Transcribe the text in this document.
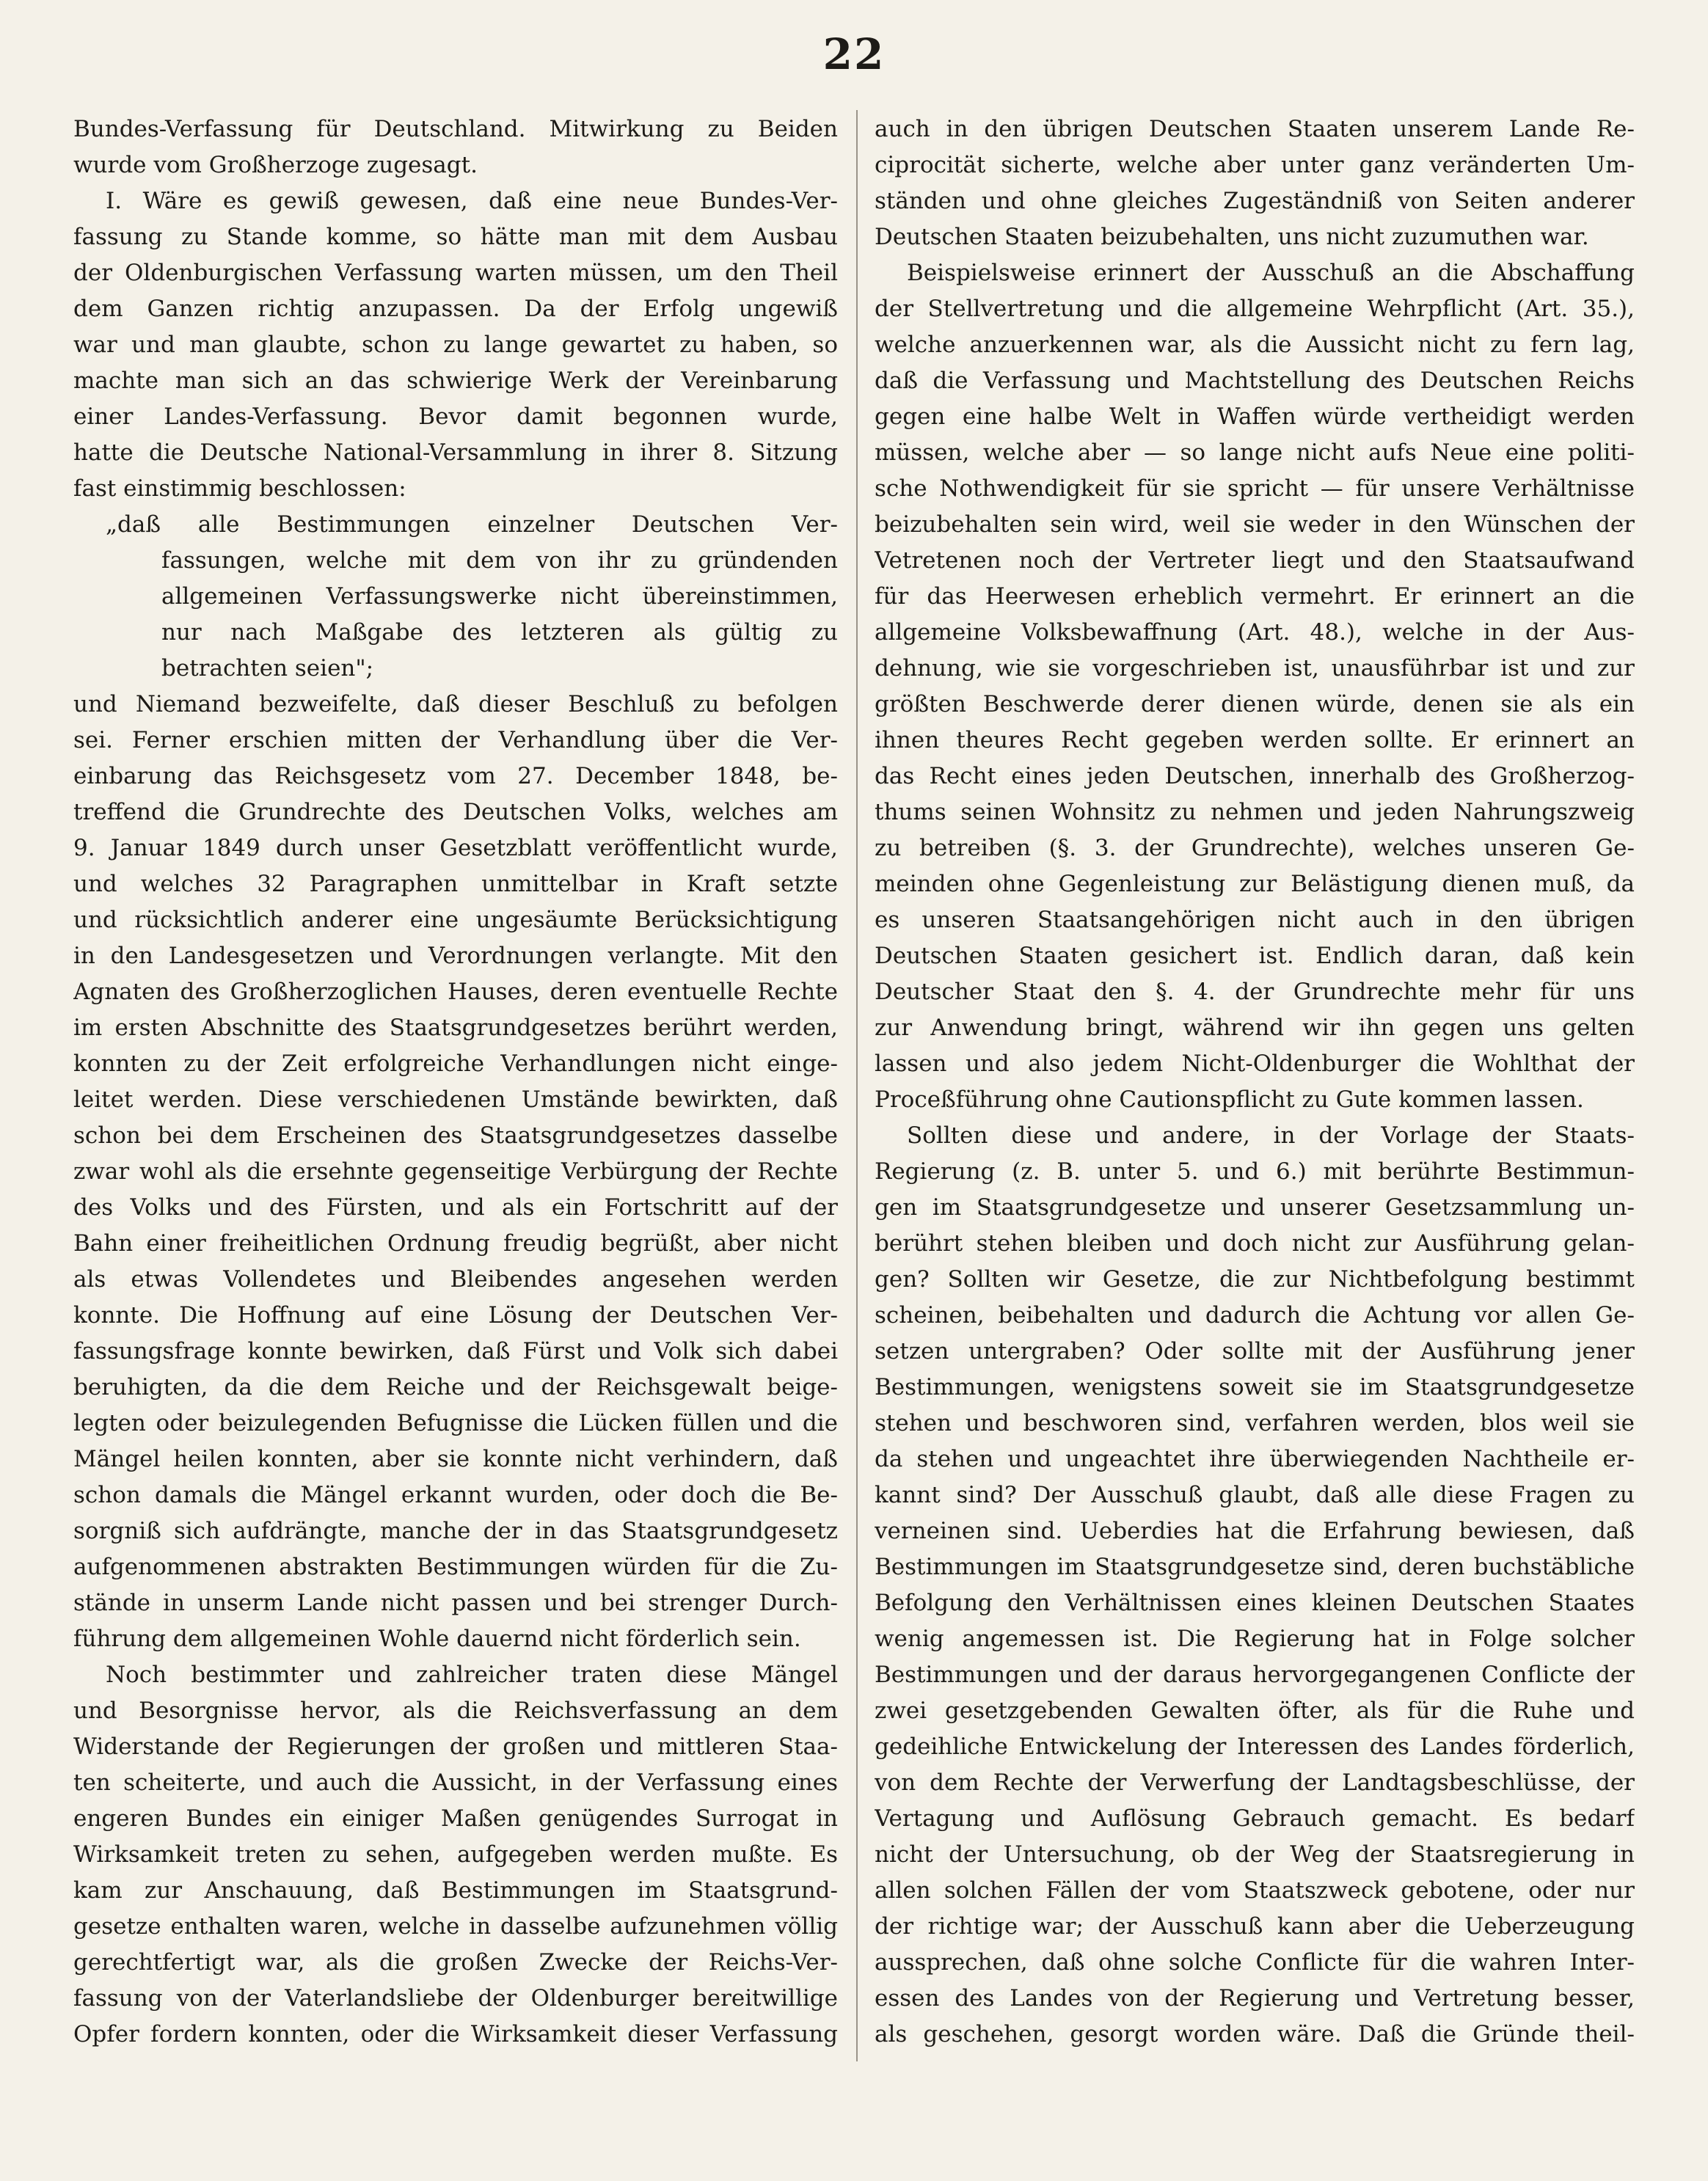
22
Bundes-Verfassung für Deutschland. Mitwirkung zu Beiden
wurde vom Großherzoge zugesagt.
I. Wäre es gewiß gewesen, daß eine neue Bundes-Ver-
fassung zu Stande komme, so hätte man mit dem Ausbau
der Oldenburgischen Verfassung warten müssen, um den Theil
dem Ganzen richtig anzupassen. Da der Erfolg ungewiß
war und man glaubte, schon zu lange gewartet zu haben, so
machte man sich an das schwierige Werk der Vereinbarung
einer Landes-Verfassung. Bevor damit begonnen wurde,
hatte die Deutsche National-Versammlung in ihrer 8. Sitzung
fast einstimmig beschlossen:
„daß alle Bestimmungen einzelner Deutschen Ver-
fassungen, welche mit dem von ihr zu gründenden
allgemeinen Verfassungswerke nicht übereinstimmen,
nur nach Maßgabe des letzteren als gültig zu
betrachten seien";
und Niemand bezweifelte, daß dieser Beschluß zu befolgen
sei. Ferner erschien mitten der Verhandlung über die Ver-
einbarung das Reichsgesetz vom 27. December 1848, be-
treffend die Grundrechte des Deutschen Volks, welches am
9. Januar 1849 durch unser Gesetzblatt veröffentlicht wurde,
und welches 32 Paragraphen unmittelbar in Kraft setzte
und rücksichtlich anderer eine ungesäumte Berücksichtigung
in den Landesgesetzen und Verordnungen verlangte. Mit den
Agnaten des Großherzoglichen Hauses, deren eventuelle Rechte
im ersten Abschnitte des Staatsgrundgesetzes berührt werden,
konnten zu der Zeit erfolgreiche Verhandlungen nicht einge-
leitet werden. Diese verschiedenen Umstände bewirkten, daß
schon bei dem Erscheinen des Staatsgrundgesetzes dasselbe
zwar wohl als die ersehnte gegenseitige Verbürgung der Rechte
des Volks und des Fürsten, und als ein Fortschritt auf der
Bahn einer freiheitlichen Ordnung freudig begrüßt, aber nicht
als etwas Vollendetes und Bleibendes angesehen werden
konnte. Die Hoffnung auf eine Lösung der Deutschen Ver-
fassungsfrage konnte bewirken, daß Fürst und Volk sich dabei
beruhigten, da die dem Reiche und der Reichsgewalt beige-
legten oder beizulegenden Befugnisse die Lücken füllen und die
Mängel heilen konnten, aber sie konnte nicht verhindern, daß
schon damals die Mängel erkannt wurden, oder doch die Be-
sorgniß sich aufdrängte, manche der in das Staatsgrundgesetz
aufgenommenen abstrakten Bestimmungen würden für die Zu-
stände in unserm Lande nicht passen und bei strenger Durch-
führung dem allgemeinen Wohle dauernd nicht förderlich sein.
Noch bestimmter und zahlreicher traten diese Mängel
und Besorgnisse hervor, als die Reichsverfassung an dem
Widerstande der Regierungen der großen und mittleren Staa-
ten scheiterte, und auch die Aussicht, in der Verfassung eines
engeren Bundes ein einiger Maßen genügendes Surrogat in
Wirksamkeit treten zu sehen, aufgegeben werden mußte. Es
kam zur Anschauung, daß Bestimmungen im Staatsgrund-
gesetze enthalten waren, welche in dasselbe aufzunehmen völlig
gerechtfertigt war, als die großen Zwecke der Reichs-Ver-
fassung von der Vaterlandsliebe der Oldenburger bereitwillige
Opfer fordern konnten, oder die Wirksamkeit dieser Verfassung
auch in den übrigen Deutschen Staaten unserem Lande Re-
ciprocität sicherte, welche aber unter ganz veränderten Um-
ständen und ohne gleiches Zugeständniß von Seiten anderer
Deutschen Staaten beizubehalten, uns nicht zuzumuthen war.
Beispielsweise erinnert der Ausschuß an die Abschaffung
der Stellvertretung und die allgemeine Wehrpflicht (Art. 35.),
welche anzuerkennen war, als die Aussicht nicht zu fern lag,
daß die Verfassung und Machtstellung des Deutschen Reichs
gegen eine halbe Welt in Waffen würde vertheidigt werden
müssen, welche aber — so lange nicht aufs Neue eine politi-
sche Nothwendigkeit für sie spricht — für unsere Verhältnisse
beizubehalten sein wird, weil sie weder in den Wünschen der
Vetretenen noch der Vertreter liegt und den Staatsaufwand
für das Heerwesen erheblich vermehrt. Er erinnert an die
allgemeine Volksbewaffnung (Art. 48.), welche in der Aus-
dehnung, wie sie vorgeschrieben ist, unausführbar ist und zur
größten Beschwerde derer dienen würde, denen sie als ein
ihnen theures Recht gegeben werden sollte. Er erinnert an
das Recht eines jeden Deutschen, innerhalb des Großherzog-
thums seinen Wohnsitz zu nehmen und jeden Nahrungszweig
zu betreiben (§. 3. der Grundrechte), welches unseren Ge-
meinden ohne Gegenleistung zur Belästigung dienen muß, da
es unseren Staatsangehörigen nicht auch in den übrigen
Deutschen Staaten gesichert ist. Endlich daran, daß kein
Deutscher Staat den §. 4. der Grundrechte mehr für uns
zur Anwendung bringt, während wir ihn gegen uns gelten
lassen und also jedem Nicht-Oldenburger die Wohlthat der
Proceßführung ohne Cautionspflicht zu Gute kommen lassen.
Sollten diese und andere, in der Vorlage der Staats-
Regierung (z. B. unter 5. und 6.) mit berührte Bestimmun-
gen im Staatsgrundgesetze und unserer Gesetzsammlung un-
berührt stehen bleiben und doch nicht zur Ausführung gelan-
gen? Sollten wir Gesetze, die zur Nichtbefolgung bestimmt
scheinen, beibehalten und dadurch die Achtung vor allen Ge-
setzen untergraben? Oder sollte mit der Ausführung jener
Bestimmungen, wenigstens soweit sie im Staatsgrundgesetze
stehen und beschworen sind, verfahren werden, blos weil sie
da stehen und ungeachtet ihre überwiegenden Nachtheile er-
kannt sind? Der Ausschuß glaubt, daß alle diese Fragen zu
verneinen sind. Ueberdies hat die Erfahrung bewiesen, daß
Bestimmungen im Staatsgrundgesetze sind, deren buchstäbliche
Befolgung den Verhältnissen eines kleinen Deutschen Staates
wenig angemessen ist. Die Regierung hat in Folge solcher
Bestimmungen und der daraus hervorgegangenen Conflicte der
zwei gesetzgebenden Gewalten öfter, als für die Ruhe und
gedeihliche Entwickelung der Interessen des Landes förderlich,
von dem Rechte der Verwerfung der Landtagsbeschlüsse, der
Vertagung und Auflösung Gebrauch gemacht. Es bedarf
nicht der Untersuchung, ob der Weg der Staatsregierung in
allen solchen Fällen der vom Staatszweck gebotene, oder nur
der richtige war; der Ausschuß kann aber die Ueberzeugung
aussprechen, daß ohne solche Conflicte für die wahren Inter-
essen des Landes von der Regierung und Vertretung besser,
als geschehen, gesorgt worden wäre. Daß die Gründe theil-
